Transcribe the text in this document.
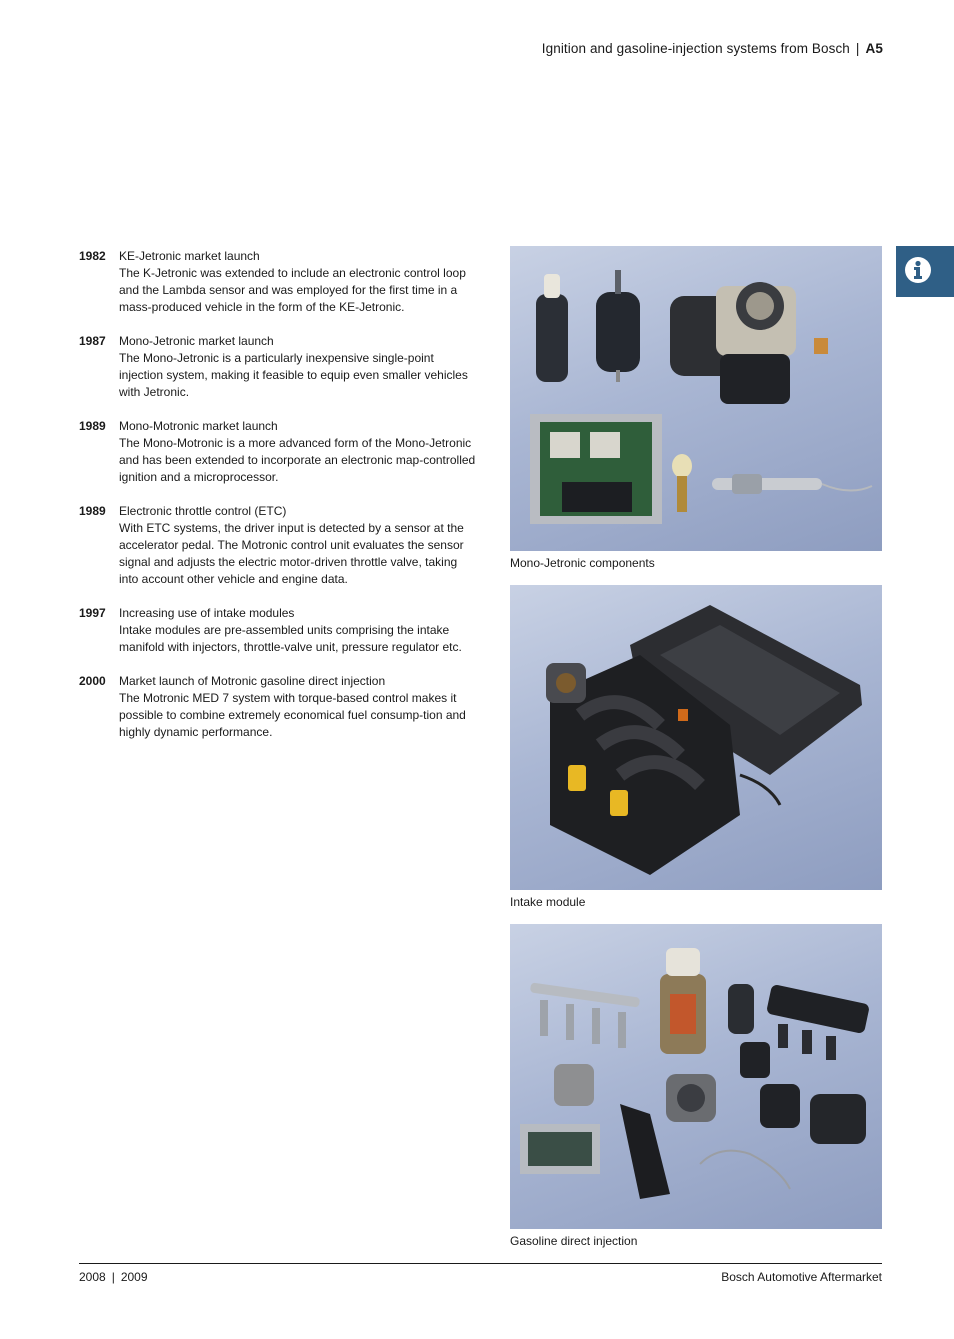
Ignition and gasoline-injection systems from Bosch | A5
1982	KE-Jetronic market launch

The K-Jetronic was extended to include an electronic control loop and the Lambda sensor and was employed for the first time in a mass-produced vehicle in the form of the KE-Jetronic.

1987	Mono-Jetronic market launch

The Mono-Jetronic is a particularly inexpensive single-point injection system, making it feasible to equip even smaller vehicles with Jetronic.

1989	Mono-Motronic market launch

The Mono-Motronic is a more advanced form of the Mono-Jetronic and has been extended to incorporate an electronic map-controlled ignition and a microprocessor.

1989	Electronic throttle control (ETC)

With ETC systems, the driver input is detected by a sensor at the accelerator pedal. The Motronic control unit evaluates the sensor signal and adjusts the electric motor-driven throttle valve, taking into account other vehicle and engine data.

1997	Increasing use of intake modules

Intake modules are pre-assembled units comprising the intake manifold with injectors, throttle-valve unit, pressure regulator etc.

2000	Market launch of Motronic gasoline direct injection

The Motronic MED 7 system with torque-based control makes it possible to combine extremely economical fuel consump-tion and highly dynamic performance.

Mono-Jetronic components
Intake module
Gasoline direct injection
2008 | 2009	Bosch Automotive Aftermarket
